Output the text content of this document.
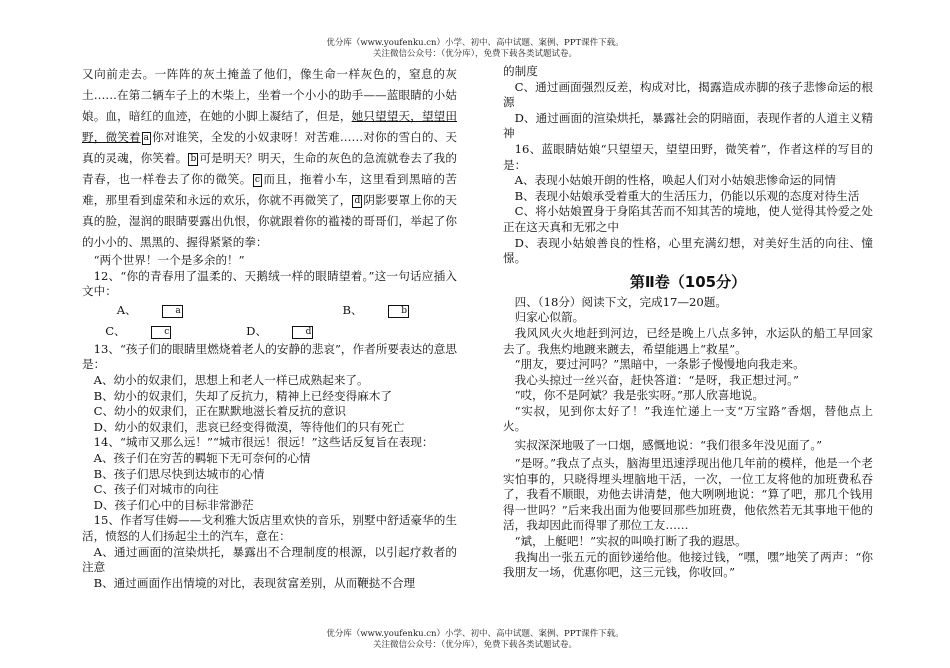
优分库（www.youfenku.cn）小学、初中、高中试题、案例、PPT课件下载。
关注微信公众号：（优分库），免费下载各类试题试卷。

又向前走去。一阵阵的灰土掩盖了他们，像生命一样灰色的，窒息的灰土……在第二辆车子上的木柴上，坐着一个小小的助手——蓝眼睛的小姑娘。血，暗红的血迹，在她的小脚上凝结了，但是，她只望望天，望望田野，微笑着 a 你对谁笑，全发的小奴隶呀！对苦难……对你的雪白的、天真的灵魂，你笑着。 b 可是明天？明天，生命的灰色的急流就卷去了我的青春，也一样卷去了你的微笑。 c 而且，拖着小车，这里看到黑暗的苦难，那里看到虚荣和永远的欢乐，你就不再微笑了， d 阴影要罩上你的天真的脸，湿润的眼睛要露出仇恨，你就跟着你的褴褛的哥哥们，举起了你的小小的、黑黑的、握得紧紧的拳：

“两个世界！一个是多余的！”

12、“你的青春用了温柔的、天鹅绒一样的眼睛望着。”这一句话应插入文中：

A、	a	B、	b C、	c	D、	d

13、“孩子们的眼睛里燃烧着老人的安静的悲哀”，作者所要表达的意思是：

A、幼小的奴隶们，思想上和老人一样已成熟起来了。

B、幼小的奴隶们，失却了反抗力，精神上已经变得麻木了

C、幼小的奴隶们，正在默默地滋长着反抗的意识

D、幼小的奴隶们，悲哀已经变得微漠，等待他们的只有死亡

14、“城市又那么远！”“城市很远！很远！”这些话反复旨在表现：

A、孩子们在穷苦的羁轭下无可奈何的心情

B、孩子们思尽快到达城市的心情

C、孩子们对城市的向往

D、孩子们心中的目标非常渺茫

15、作者写佳姆——戈利雅大饭店里欢快的音乐，别墅中舒适豪华的生活，愤怒的人们扬起尘土的汽车，意在：

A、通过画面的渲染烘托，暴露出不合理制度的根源，以引起疗救者的注意

B、通过画面作出情境的对比，表现贫富差别，从而鞭挞不合理

的制度

C、通过画面强烈反差，构成对比，揭露造成赤脚的孩子悲惨命运的根源

D、通过画面的渲染烘托，暴露社会的阴暗面，表现作者的人道主义精神

16、蓝眼睛姑娘“只望望天，望望田野，微笑着”，作者这样的写目的是：

A、表现小姑娘开朗的性格，唤起人们对小姑娘悲惨命运的同情

B、表现小姑娘承受着重大的生活压力，仍能以乐观的态度对待生活

C、将小姑娘置身于身陷其苦而不知其苦的境地，使人觉得其怜爱之处正在这天真和无邪之中

D、表现小姑娘善良的性格，心里充满幻想，对美好生活的向往、憧憬。

第Ⅱ卷（105分）

四、（18分）阅读下文，完成17—20题。

归家心似箭。

我风风火火地赶到河边，已经是晚上八点多钟，水运队的船工早回家去了。我焦灼地踱来踱去，希望能遇上“救星”。

“朋友，要过河吗？”黑暗中，一条影子慢慢地向我走来。

我心头掠过一丝兴奋，赶快答道：“是呀，我正想过河。”

“哎，你不是阿斌？我是张实呀。”那人欣喜地说。

“实叔，见到你太好了！”我连忙递上一支“万宝路”香烟，替他点上火。

实叔深深地吸了一口烟，感慨地说：“我们很多年没见面了。”

“是呀。”我点了点头，脑海里迅速浮现出他几年前的模样，他是一个老实怕事的，只晓得埋头埋脑地干活，一次，一位工友将他的加班费私吞了，我看不顺眼，劝他去讲清楚，他大咧咧地说：“算了吧，那几个钱用得一世吗？”后来我出面为他要回那些加班费，他依然若无其事地干他的活，我却因此而得罪了那位工友……

“斌，上艇吧！”实叔的叫唤打断了我的遐思。

我掏出一张五元的面钞递给他。他接过钱，“嘿，嘿”地笑了两声：“你我朋友一场，优惠你吧，这三元钱，你收回。”

优分库（www.youfenku.cn）小学、初中、高中试题、案例、PPT课件下载。
关注微信公众号：（优分库），免费下载各类试题试卷。
